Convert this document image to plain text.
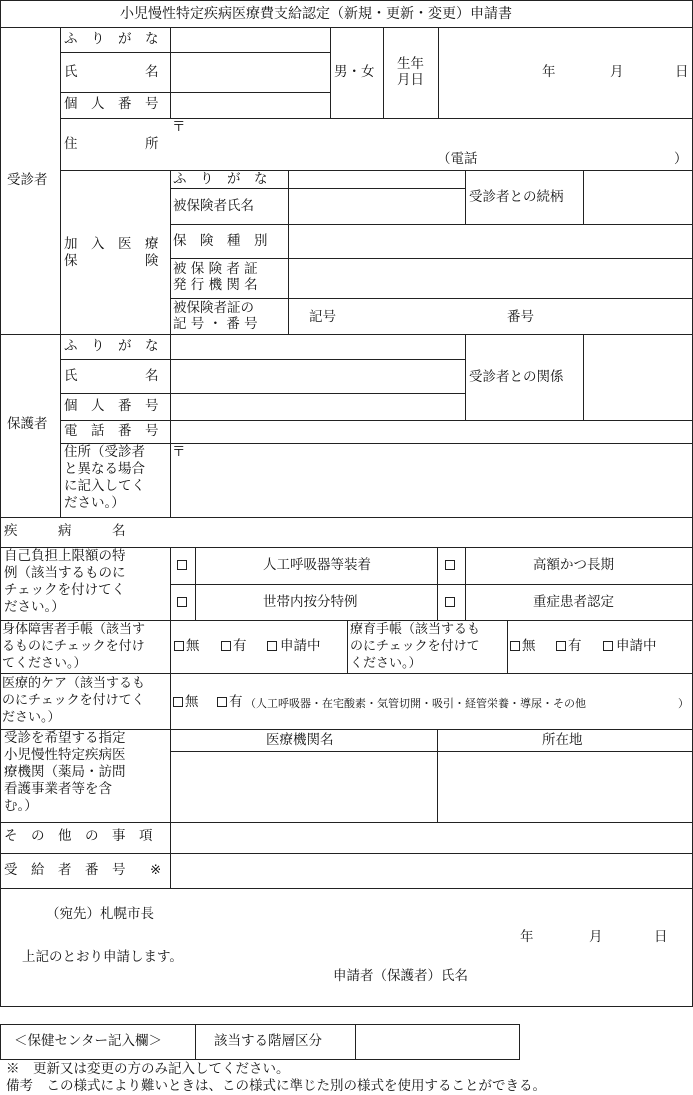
小児慢性特定疾病医療費支給認定（新規・更新・変更）申請書
受診者
ふ　り　が　な
氏　　　　　名	男・女 生年
月日	年	月	日
個　人　番　号
住　　　　　所
〒
（電話	）
加　入　医　療
保　　　　　険
ふ　り　が　な
被保険者氏名
受診者との続柄
保　険　種　別
被 保 険 者 証
発 行 機 関 名
被保険者証の
記 号 ・ 番 号	記号	番号
保護者
ふ　り　が　な
氏　　　　　名	受診者との関係
個　人　番　号
電　話　番　号
住所（受診者
と異なる場合
に記入してく
ださい。）
〒
疾　　　病　　　名
自己負担上限額の特
例（該当するものに
チェックを付けてく
ださい。）
人工呼吸器等装着	高額かつ長期
世帯内按分特例	重症患者認定
身体障害者手帳（該当す
るものにチェックを付け
てください。）
無 有 申請中
療育手帳（該当するも
のにチェックを付けて
ください。）
無 有	申請中
医療的ケア（該当するも
のにチェックを付けてく
ださい。）
無 有 （人工呼吸器・在宅酸素・気管切開・吸引・経管栄養・導尿・その他	）
受診を希望する指定
小児慢性特定疾病医
療機関（薬局・訪問
看護事業者等を含
む。）
医療機関名	所在地
そ　の　他　の　事　項
受　給　者　番　号 ※
（宛先）札幌市長
年	月	日
上記のとおり申請します。
申請者（保護者）氏名
＜保健センター記入欄＞	該当する階層区分
※　更新又は変更の方のみ記入してください。
備考　この様式により難いときは、この様式に準じた別の様式を使用することができる。
